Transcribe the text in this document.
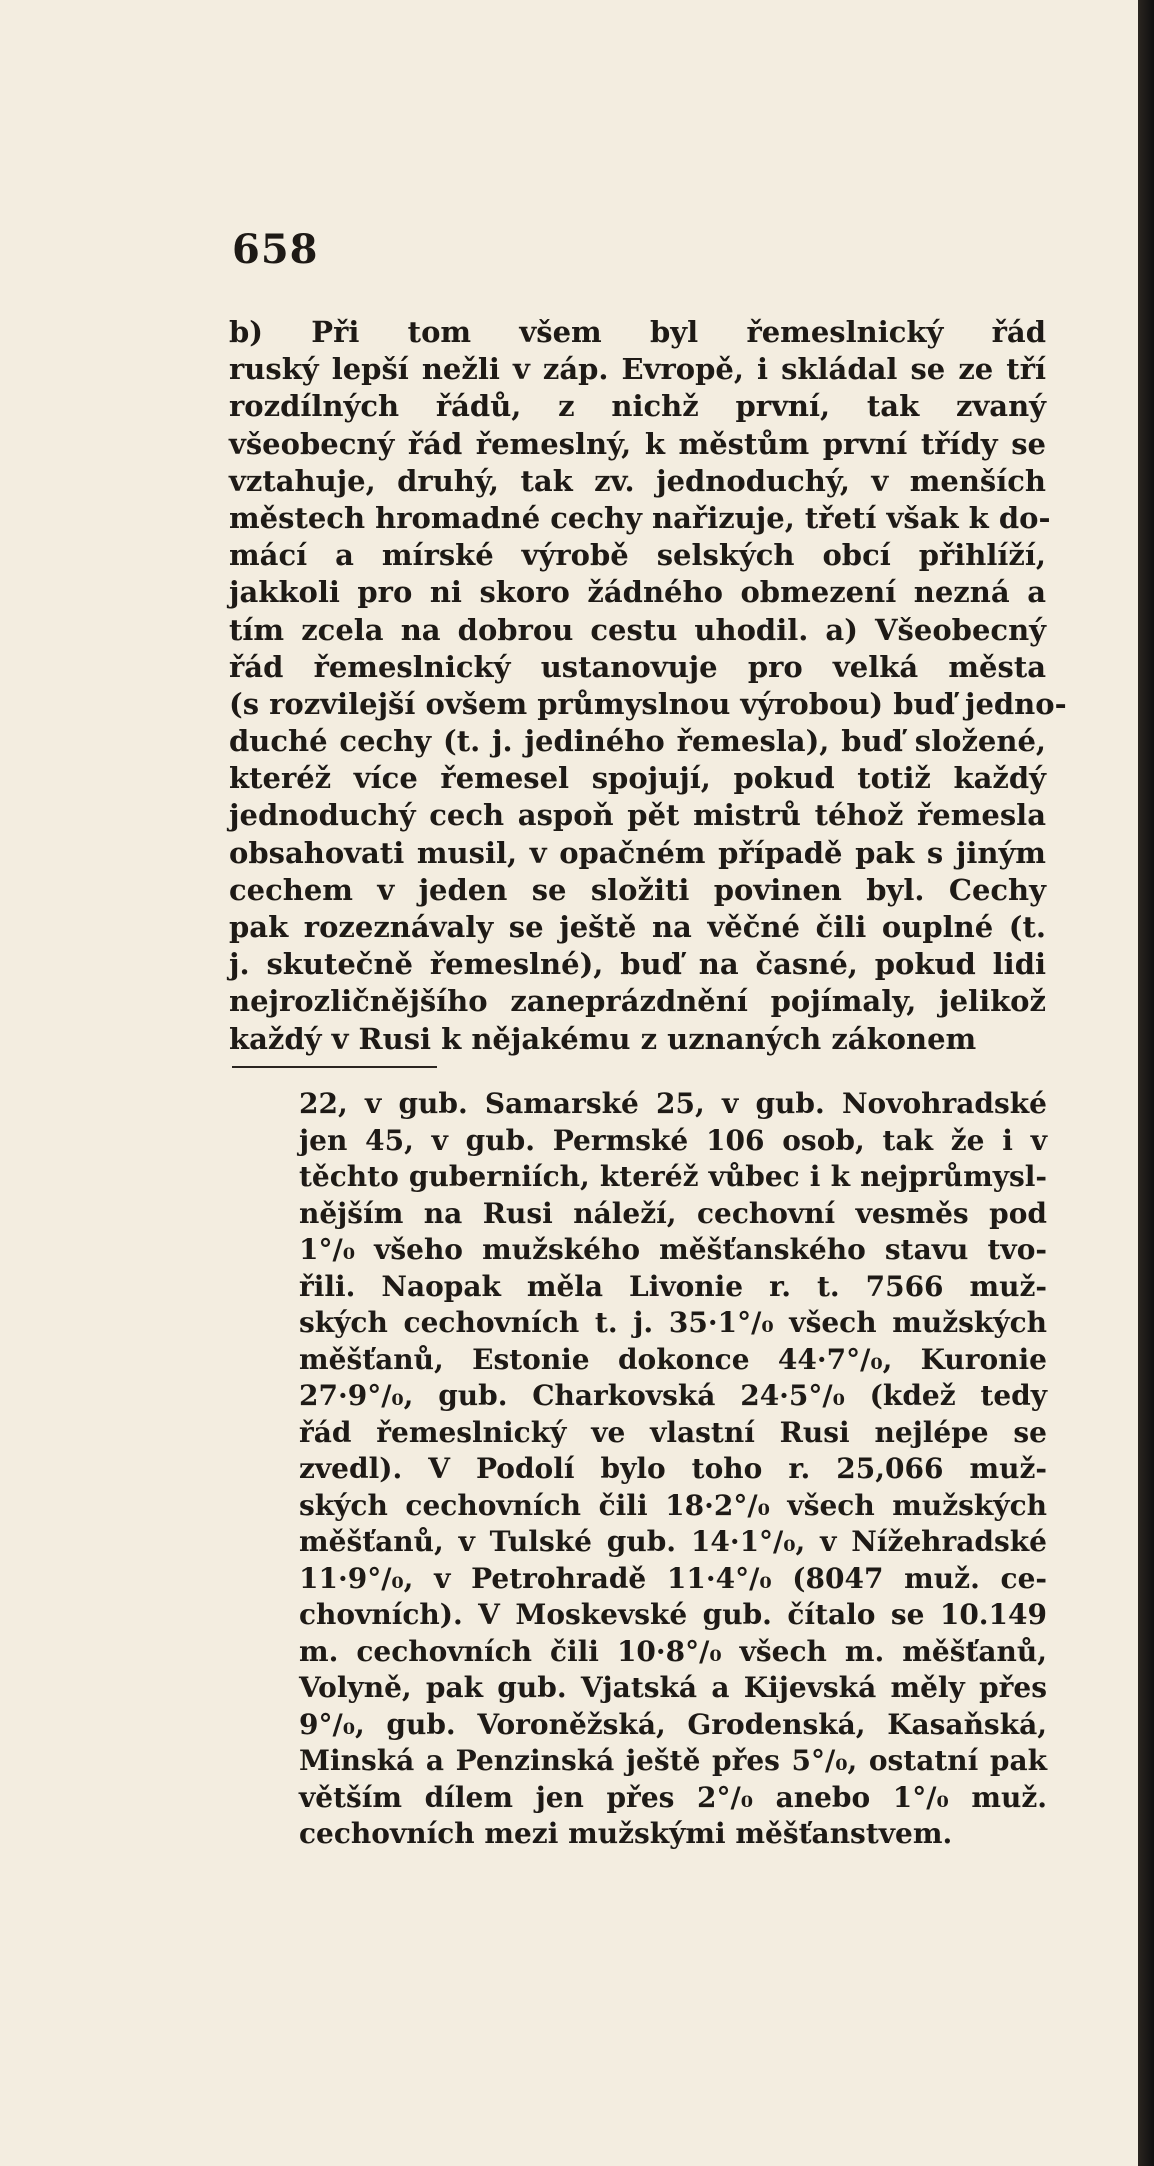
658
b) Při tom všem byl řemeslnický řád
ruský lepší nežli v záp. Evropě, i skládal se ze tří
rozdílných řádů, z nichž první, tak zvaný
všeobecný řád řemeslný, k městům první třídy se
vztahuje, druhý, tak zv. jednoduchý, v menších
městech hromadné cechy nařizuje, třetí však k do-
mácí a mírské výrobě selských obcí přihlíží,
jakkoli pro ni skoro žádného obmezení nezná a
tím zcela na dobrou cestu uhodil. a) Všeobecný
řád řemeslnický ustanovuje pro velká města
(s rozvilejší ovšem průmyslnou výrobou) buď jedno-
duché cechy (t. j. jediného řemesla), buď složené,
kteréž více řemesel spojují, pokud totiž každý
jednoduchý cech aspoň pět mistrů téhož řemesla
obsahovati musil, v opačném případě pak s jiným
cechem v jeden se složiti povinen byl. Cechy
pak rozeznávaly se ještě na věčné čili ouplné (t.
j. skutečně řemeslné), buď na časné, pokud lidi
nejrozličnějšího zaneprázdnění pojímaly, jelikož
každý v Rusi k nějakému z uznaných zákonem
22, v gub. Samarské 25, v gub. Novohradské
jen 45, v gub. Permské 106 osob, tak že i v
těchto guberniích, kteréž vůbec i k nejprůmysl-
nějším na Rusi náleží, cechovní vesměs pod
1°/₀ všeho mužského měšťanského stavu tvo-
řili. Naopak měla Livonie r. t. 7566 muž-
ských cechovních t. j. 35·1°/₀ všech mužských
měšťanů, Estonie dokonce 44·7°/₀, Kuronie
27·9°/₀, gub. Charkovská 24·5°/₀ (kdež tedy
řád řemeslnický ve vlastní Rusi nejlépe se
zvedl). V Podolí bylo toho r. 25,066 muž-
ských cechovních čili 18·2°/₀ všech mužských
měšťanů, v Tulské gub. 14·1°/₀, v Nížehradské
11·9°/₀, v Petrohradě 11·4°/₀ (8047 muž. ce-
chovních). V Moskevské gub. čítalo se 10.149
m. cechovních čili 10·8°/₀ všech m. měšťanů,
Volyně, pak gub. Vjatská a Kijevská měly přes
9°/₀, gub. Voroněžská, Grodenská, Kasaňská,
Minská a Penzinská ještě přes 5°/₀, ostatní pak
větším dílem jen přes 2°/₀ anebo 1°/₀ muž.
cechovních mezi mužskými měšťanstvem.
